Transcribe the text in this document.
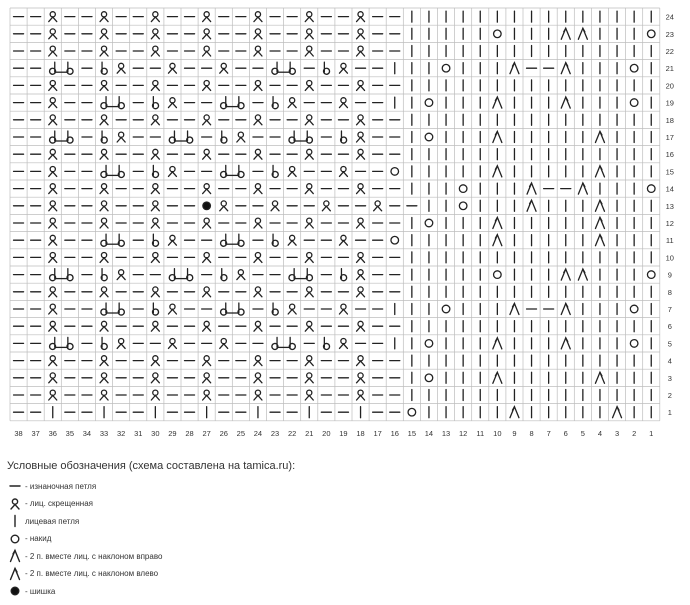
38 37 36 35 34 33 32 31 30 29 28 27 26 25 24 23 22 21 20 19 18 17 16 15 14 13 12 11 10 9 8 7 6 5 4 3 2 1
24
23
22
21
20
19
18
17
16
15
14
13
12
11
10
9
8
7
6
5
4
3
2
1
Условные обозначения (схема составлена на tamica.ru):
- изнаночная петля
- лиц. скрещенная
лицевая петля
- накид
- 2 п. вместе лиц. с наклоном вправо
- 2 п. вместе лиц. с наклоном влево
- шишка
